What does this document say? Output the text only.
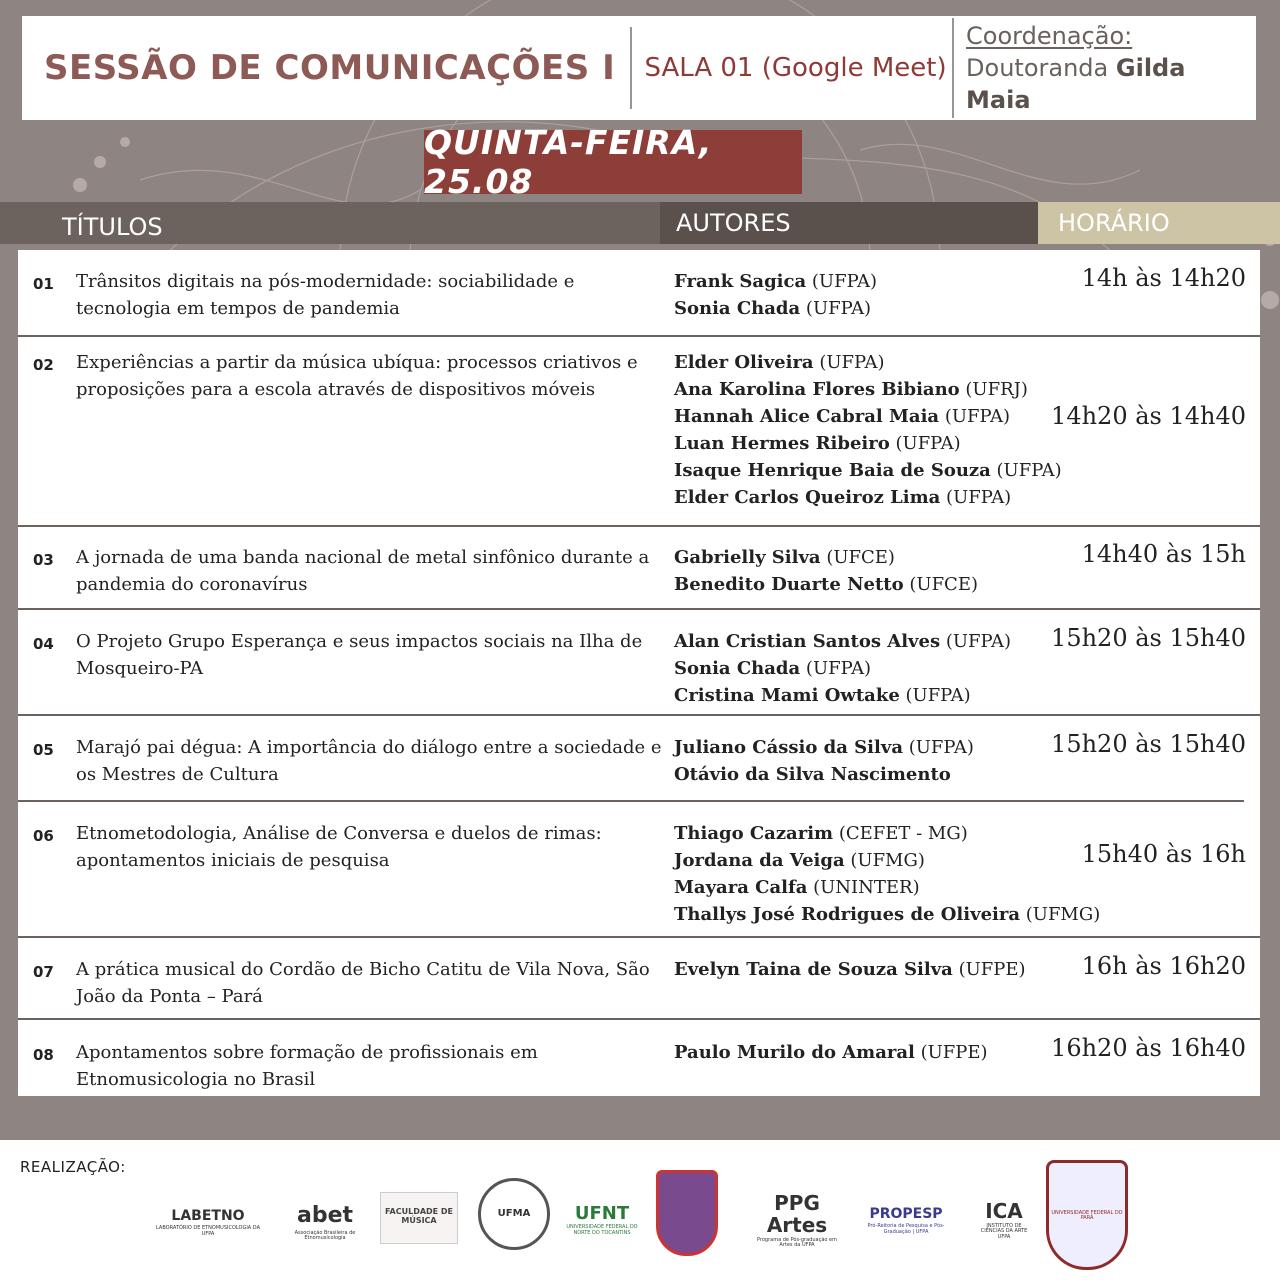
SESSÃO DE COMUNICAÇÕES I SALA 01 (Google Meet)
Coordenação:
Doutoranda Gilda Maia
QUINTA-FEIRA, 25.08
TÍTULOS	AUTORES	HORÁRIO
01 Trânsitos digitais na pós-modernidade: sociabilidade e tecnologia em tempos de pandemia
Frank Sagica (UFPA)
Sonia Chada (UFPA)
14h às 14h20
02 Experiências a partir da música ubíqua: processos criativos e proposições para a escola através de dispositivos móveis
Elder Oliveira (UFPA)
Ana Karolina Flores Bibiano (UFRJ)
Hannah Alice Cabral Maia (UFPA)
Luan Hermes Ribeiro (UFPA)
Isaque Henrique Baia de Souza (UFPA)
Elder Carlos Queiroz Lima (UFPA)
14h20 às 14h40
03 A jornada de uma banda nacional de metal sinfônico durante a pandemia do coronavírus
Gabrielly Silva (UFCE)
Benedito Duarte Netto (UFCE)
14h40 às 15h
04 O Projeto Grupo Esperança e seus impactos sociais na Ilha de Mosqueiro-PA
Alan Cristian Santos Alves (UFPA)
Sonia Chada (UFPA)
Cristina Mami Owtake (UFPA)
15h20 às 15h40
05 Marajó pai dégua: A importância do diálogo entre a sociedade e os Mestres de Cultura
Juliano Cássio da Silva (UFPA)
Otávio da Silva Nascimento
15h20 às 15h40
06 Etnometodologia, Análise de Conversa e duelos de rimas: apontamentos iniciais de pesquisa
Thiago Cazarim (CEFET - MG)
Jordana da Veiga (UFMG)
Mayara Calfa (UNINTER)
Thallys José Rodrigues de Oliveira (UFMG)
15h40 às 16h
07 A prática musical do Cordão de Bicho Catitu de Vila Nova, São João da Ponta – Pará
Evelyn Taina de Souza Silva (UFPE)	16h às 16h20
08 Apontamentos sobre formação de profissionais em Etnomusicologia no Brasil
Paulo Murilo do Amaral (UFPE)	16h20 às 16h40
REALIZAÇÃO:
LABETNO
LABORATÓRIO DE ETNOMUSICOLOGIA DA UFPA
abet
Associação Brasileira de Etnomusicologia
FACULDADE DE MÚSICA
UFMA UFNT
UNIVERSIDADE FEDERAL DO NORTE DO TOCANTINS
PPG Artes
Programa de Pós-graduação em Artes da UFPA
PROPESP
Pró-Reitoria de Pesquisa e Pós-Graduação | UFPA
ICA
INSTITUTO DE CIÊNCIAS DA ARTE UFPA
UNIVERSIDADE FEDERAL DO PARÁ
